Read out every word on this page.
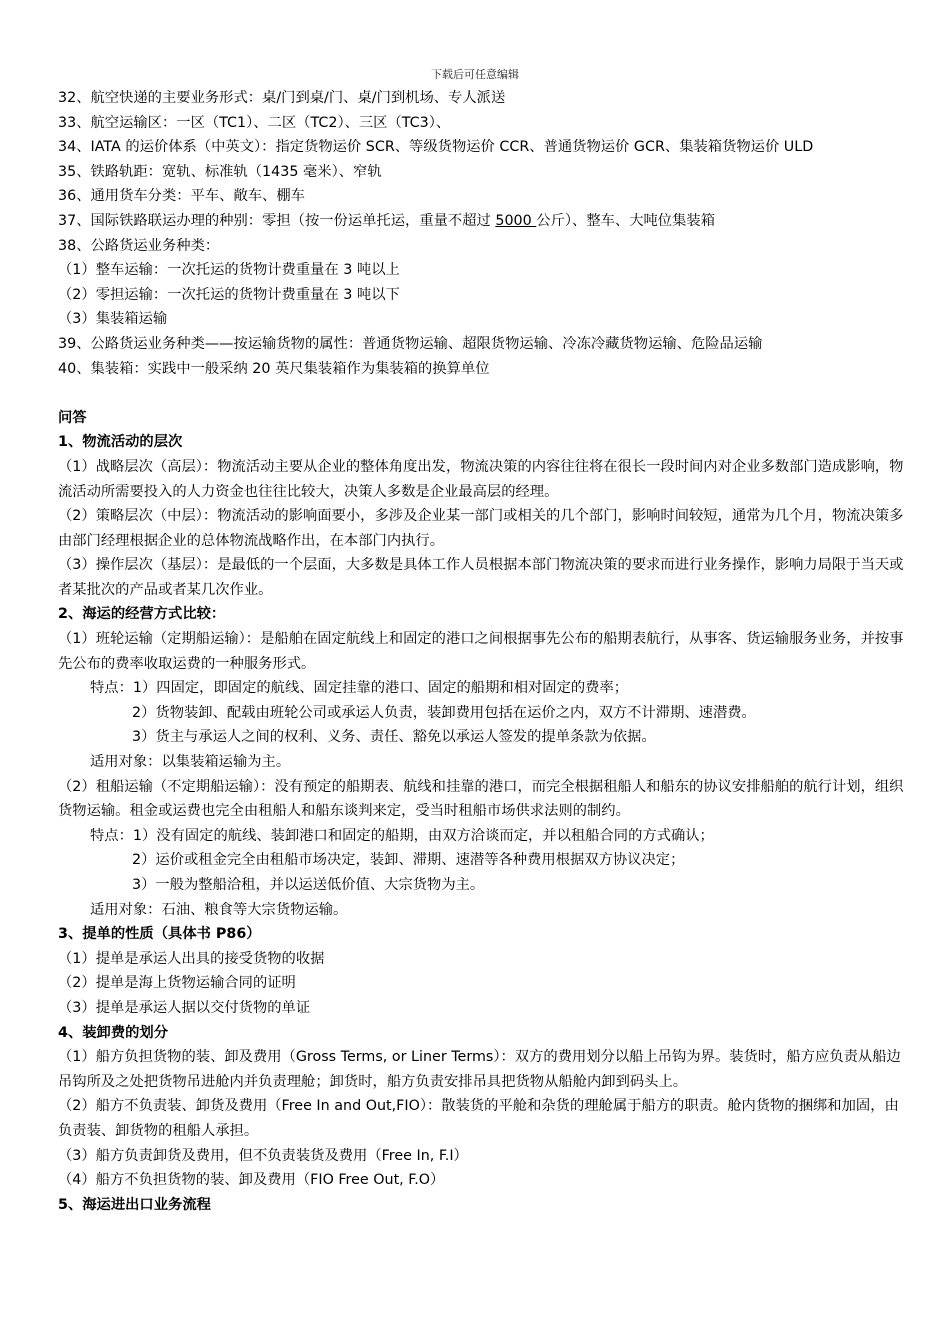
下载后可任意编辑

32、航空快递的主要业务形式：桌/门到桌/门、桌/门到机场、专人派送

33、航空运输区：一区（TC1）、二区（TC2）、三区（TC3）、

34、IATA 的运价体系（中英文）：指定货物运价 SCR、等级货物运价 CCR、普通货物运价 GCR、集装箱货物运价 ULD

35、铁路轨距：宽轨、标准轨（1435 毫米）、窄轨

36、通用货车分类：平车、敞车、棚车

37、国际铁路联运办理的种别：零担（按一份运单托运，重量不超过 5000 公斤）、整车、大吨位集装箱

38、公路货运业务种类：

（1）整车运输：一次托运的货物计费重量在 3 吨以上

（2）零担运输：一次托运的货物计费重量在 3 吨以下

（3）集装箱运输

39、公路货运业务种类——按运输货物的属性：普通货物运输、超限货物运输、冷冻冷藏货物运输、危险品运输

40、集装箱：实践中一般采纳 20 英尺集装箱作为集装箱的换算单位

问答

1、物流活动的层次

（1）战略层次（高层）：物流活动主要从企业的整体角度出发，物流决策的内容往往将在很长一段时间内对企业多数部门造成影响，物流活动所需要投入的人力资金也往往比较大，决策人多数是企业最高层的经理。

（2）策略层次（中层）：物流活动的影响面要小，多涉及企业某一部门或相关的几个部门，影响时间较短，通常为几个月，物流决策多由部门经理根据企业的总体物流战略作出，在本部门内执行。

（3）操作层次（基层）：是最低的一个层面，大多数是具体工作人员根据本部门物流决策的要求而进行业务操作，影响力局限于当天或者某批次的产品或者某几次作业。

2、海运的经营方式比较：

（1）班轮运输（定期船运输）：是船舶在固定航线上和固定的港口之间根据事先公布的船期表航行，从事客、货运输服务业务，并按事先公布的费率收取运费的一种服务形式。

特点：1）四固定，即固定的航线、固定挂靠的港口、固定的船期和相对固定的费率；

2）货物装卸、配载由班轮公司或承运人负责，装卸费用包括在运价之内，双方不计滞期、速潜费。

3）货主与承运人之间的权利、义务、责任、豁免以承运人签发的提单条款为依据。

适用对象：以集装箱运输为主。

（2）租船运输（不定期船运输）：没有预定的船期表、航线和挂靠的港口，而完全根据租船人和船东的协议安排船舶的航行计划，组织货物运输。租金或运费也完全由租船人和船东谈判来定，受当时租船市场供求法则的制约。

特点：1）没有固定的航线、装卸港口和固定的船期，由双方洽谈而定，并以租船合同的方式确认；

2）运价或租金完全由租船市场决定，装卸、滞期、速潜等各种费用根据双方协议决定；

3）一般为整船洽租，并以运送低价值、大宗货物为主。

适用对象：石油、粮食等大宗货物运输。

3、提单的性质（具体书 P86）

（1）提单是承运人出具的接受货物的收据

（2）提单是海上货物运输合同的证明

（3）提单是承运人据以交付货物的单证

4、装卸费的划分

（1）船方负担货物的装、卸及费用（Gross Terms, or Liner Terms）：双方的费用划分以船上吊钩为界。装货时，船方应负责从船边吊钩所及之处把货物吊进舱内并负责理舱；卸货时，船方负责安排吊具把货物从船舱内卸到码头上。

（2）船方不负责装、卸货及费用（Free In and Out,FIO）：散装货的平舱和杂货的理舱属于船方的职责。舱内货物的捆绑和加固，由负责装、卸货物的租船人承担。

（3）船方负责卸货及费用，但不负责装货及费用（Free In, F.I）

（4）船方不负担货物的装、卸及费用（FIO Free Out, F.O）

5、海运进出口业务流程
